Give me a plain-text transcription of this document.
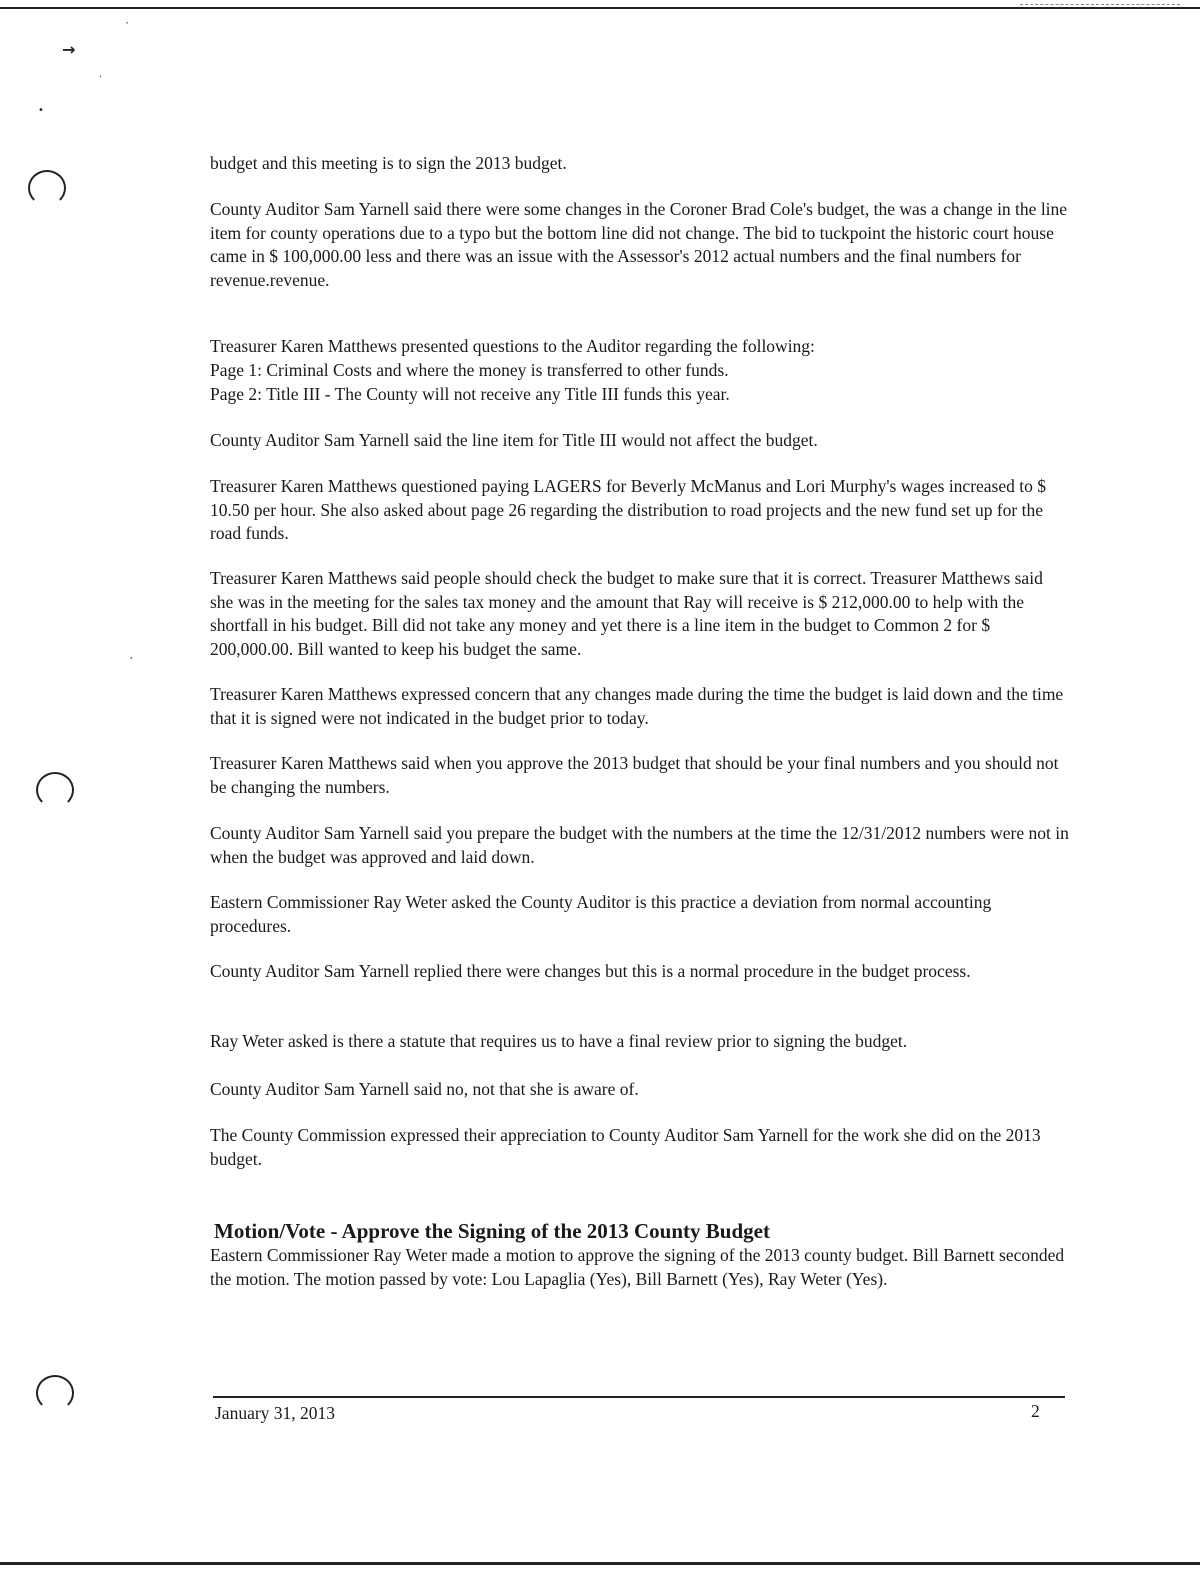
′
→
·
•
′

budget and this meeting is to sign the 2013 budget.

County Auditor Sam Yarnell said there were some changes in the Coroner Brad Cole's budget, the was a change in the line item for county operations due to a typo but the bottom line did not change. The bid to tuckpoint the historic court house came in $ 100,000.00 less and there was an issue with the Assessor's 2012 actual numbers and the final numbers for revenue.revenue.

Treasurer Karen Matthews presented questions to the Auditor regarding the following:

Page 1: Criminal Costs and where the money is transferred to other funds.

Page 2: Title III - The County will not receive any Title III funds this year.

County Auditor Sam Yarnell said the line item for Title III would not affect the budget.

Treasurer Karen Matthews questioned paying LAGERS for Beverly McManus and Lori Murphy's wages increased to $ 10.50 per hour. She also asked about page 26 regarding the distribution to road projects and the new fund set up for the road funds.

Treasurer Karen Matthews said people should check the budget to make sure that it is correct. Treasurer Matthews said she was in the meeting for the sales tax money and the amount that Ray will receive is $ 212,000.00 to help with the shortfall in his budget. Bill did not take any money and yet there is a line item in the budget to Common 2 for $ 200,000.00. Bill wanted to keep his budget the same.

Treasurer Karen Matthews expressed concern that any changes made during the time the budget is laid down and the time that it is signed were not indicated in the budget prior to today.

Treasurer Karen Matthews said when you approve the 2013 budget that should be your final numbers and you should not be changing the numbers.

County Auditor Sam Yarnell said you prepare the budget with the numbers at the time the 12/31/2012 numbers were not in when the budget was approved and laid down.

Eastern Commissioner Ray Weter asked the County Auditor is this practice a deviation from normal accounting procedures.

County Auditor Sam Yarnell replied there were changes but this is a normal procedure in the budget process.

Ray Weter asked is there a statute that requires us to have a final review prior to signing the budget.

County Auditor Sam Yarnell said no, not that she is aware of.

The County Commission expressed their appreciation to County Auditor Sam Yarnell for the work she did on the 2013 budget.

Motion/Vote - Approve the Signing of the 2013 County Budget

Eastern Commissioner Ray Weter made a motion to approve the signing of the 2013 county budget. Bill Barnett seconded the motion. The motion passed by vote: Lou Lapaglia (Yes), Bill Barnett (Yes), Ray Weter (Yes).

January 31, 2013	2
